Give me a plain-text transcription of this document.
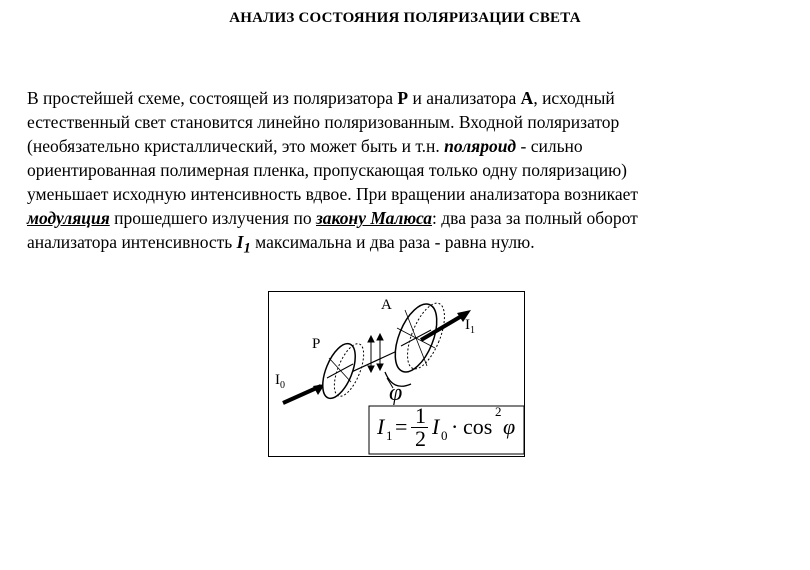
АНАЛИЗ СОСТОЯНИЯ ПОЛЯРИЗАЦИИ СВЕТА
В простейшей схеме, состоящей из поляризатора Р и анализатора А, исходный
естественный свет становится линейно поляризованным. Входной поляризатор
(необязательно кристаллический, это может быть и т.н. поляроид - сильно
ориентированная полимерная пленка, пропускающая только одну поляризацию)
уменьшает исходную интенсивность вдвое. При вращении анализатора возникает
модуляция прошедшего излучения по закону Малюса: два раза за полный оборот
анализатора интенсивность $I_1$ максимальна и два раза - равна нулю.
A
P
$I_1$
$I_0$	φ
I 1 = 1
2 I 0 · cos
2
φ
